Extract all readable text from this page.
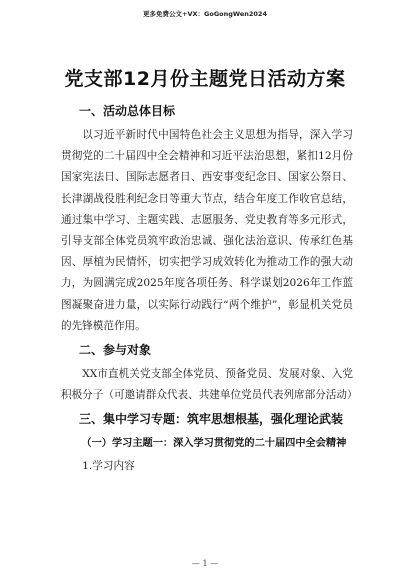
更多免费公文+VX：GoGongWen2024
党支部12月份主题党日活动方案
一、活动总体目标

以习近平新时代中国特色社会主义思想为指导，深入学习贯彻党的二十届四中全会精神和习近平法治思想，紧扣12月份国家宪法日、国际志愿者日、西安事变纪念日、国家公祭日、长津湖战役胜利纪念日等重大节点，结合年度工作收官总结，通过集中学习、主题实践、志愿服务、党史教育等多元形式，引导支部全体党员筑牢政治忠诚、强化法治意识、传承红色基因、厚植为民情怀，切实把学习成效转化为推动工作的强大动力，为圆满完成2025年度各项任务、科学谋划2026年工作蓝图凝聚奋进力量，以实际行动践行“两个维护”，彰显机关党员的先锋模范作用。

二、参与对象

XX市直机关党支部全体党员、预备党员、发展对象、入党积极分子（可邀请群众代表、共建单位党员代表列席部分活动）

三、集中学习专题：筑牢思想根基，强化理论武装

（一）学习主题一：深入学习贯彻党的二十届四中全会精神

1.学习内容

— 1 —
